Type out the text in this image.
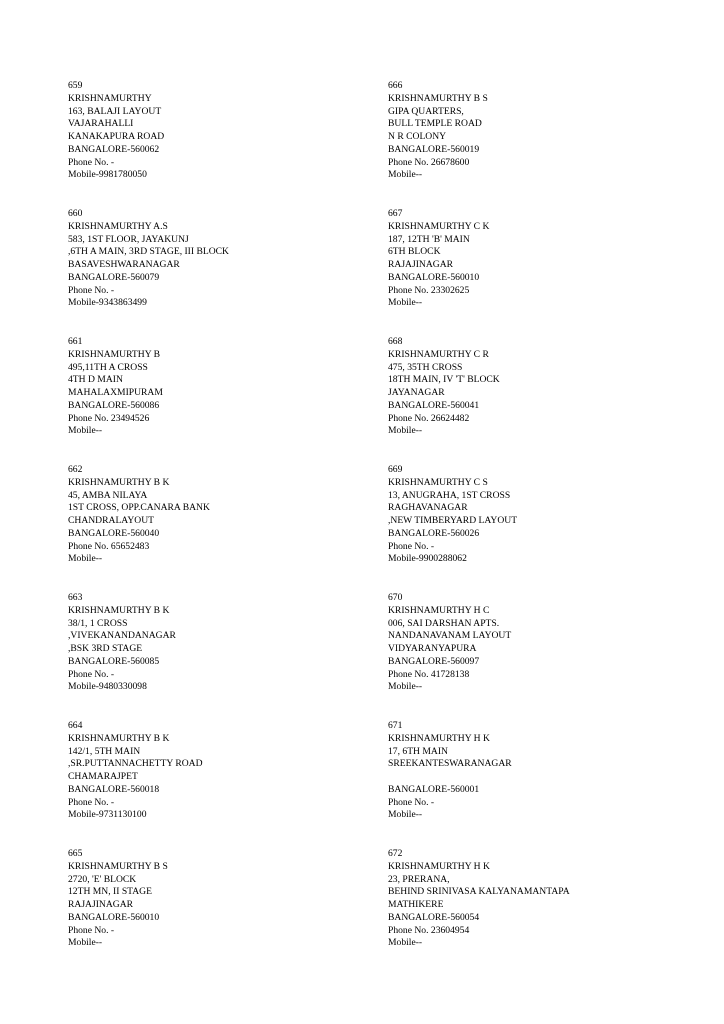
659
KRISHNAMURTHY
163, BALAJI LAYOUT
VAJARAHALLI
KANAKAPURA ROAD
BANGALORE-560062
Phone No. -
Mobile-9981780050
660
KRISHNAMURTHY A.S
583, 1ST FLOOR, JAYAKUNJ
,6TH A MAIN, 3RD STAGE, III BLOCK
BASAVESHWARANAGAR
BANGALORE-560079
Phone No. -
Mobile-9343863499
661
KRISHNAMURTHY B
495,11TH A CROSS
4TH D MAIN
MAHALAXMIPURAM
BANGALORE-560086
Phone No. 23494526
Mobile--
662
KRISHNAMURTHY B K
45, AMBA NILAYA
1ST CROSS, OPP.CANARA BANK
CHANDRALAYOUT
BANGALORE-560040
Phone No. 65652483
Mobile--
663
KRISHNAMURTHY B K
38/1, 1 CROSS
,VIVEKANANDANAGAR
,BSK 3RD STAGE
BANGALORE-560085
Phone No. -
Mobile-9480330098
664
KRISHNAMURTHY B K
142/1, 5TH MAIN
,SR.PUTTANNACHETTY ROAD
CHAMARAJPET
BANGALORE-560018
Phone No. -
Mobile-9731130100
665
KRISHNAMURTHY B S
2720, 'E' BLOCK
12TH MN, II STAGE
RAJAJINAGAR
BANGALORE-560010
Phone No. -
Mobile--
666
KRISHNAMURTHY B S
GIPA QUARTERS,
BULL TEMPLE ROAD
N R COLONY
BANGALORE-560019
Phone No. 26678600
Mobile--
667
KRISHNAMURTHY C K
187, 12TH 'B' MAIN
6TH BLOCK
RAJAJINAGAR
BANGALORE-560010
Phone No. 23302625
Mobile--
668
KRISHNAMURTHY C R
475, 35TH CROSS
18TH MAIN, IV 'T' BLOCK
JAYANAGAR
BANGALORE-560041
Phone No. 26624482
Mobile--
669
KRISHNAMURTHY C S
13, ANUGRAHA, 1ST CROSS
RAGHAVANAGAR
,NEW TIMBERYARD LAYOUT
BANGALORE-560026
Phone No. -
Mobile-9900288062
670
KRISHNAMURTHY H C
006, SAI DARSHAN APTS.
NANDANAVANAM LAYOUT
VIDYARANYAPURA
BANGALORE-560097
Phone No. 41728138
Mobile--
671
KRISHNAMURTHY H K
17, 6TH MAIN
SREEKANTESWARANAGAR
BANGALORE-560001
Phone No. -
Mobile--
672
KRISHNAMURTHY H K
23, PRERANA,
BEHIND SRINIVASA KALYANAMANTAPA
MATHIKERE
BANGALORE-560054
Phone No. 23604954
Mobile--
